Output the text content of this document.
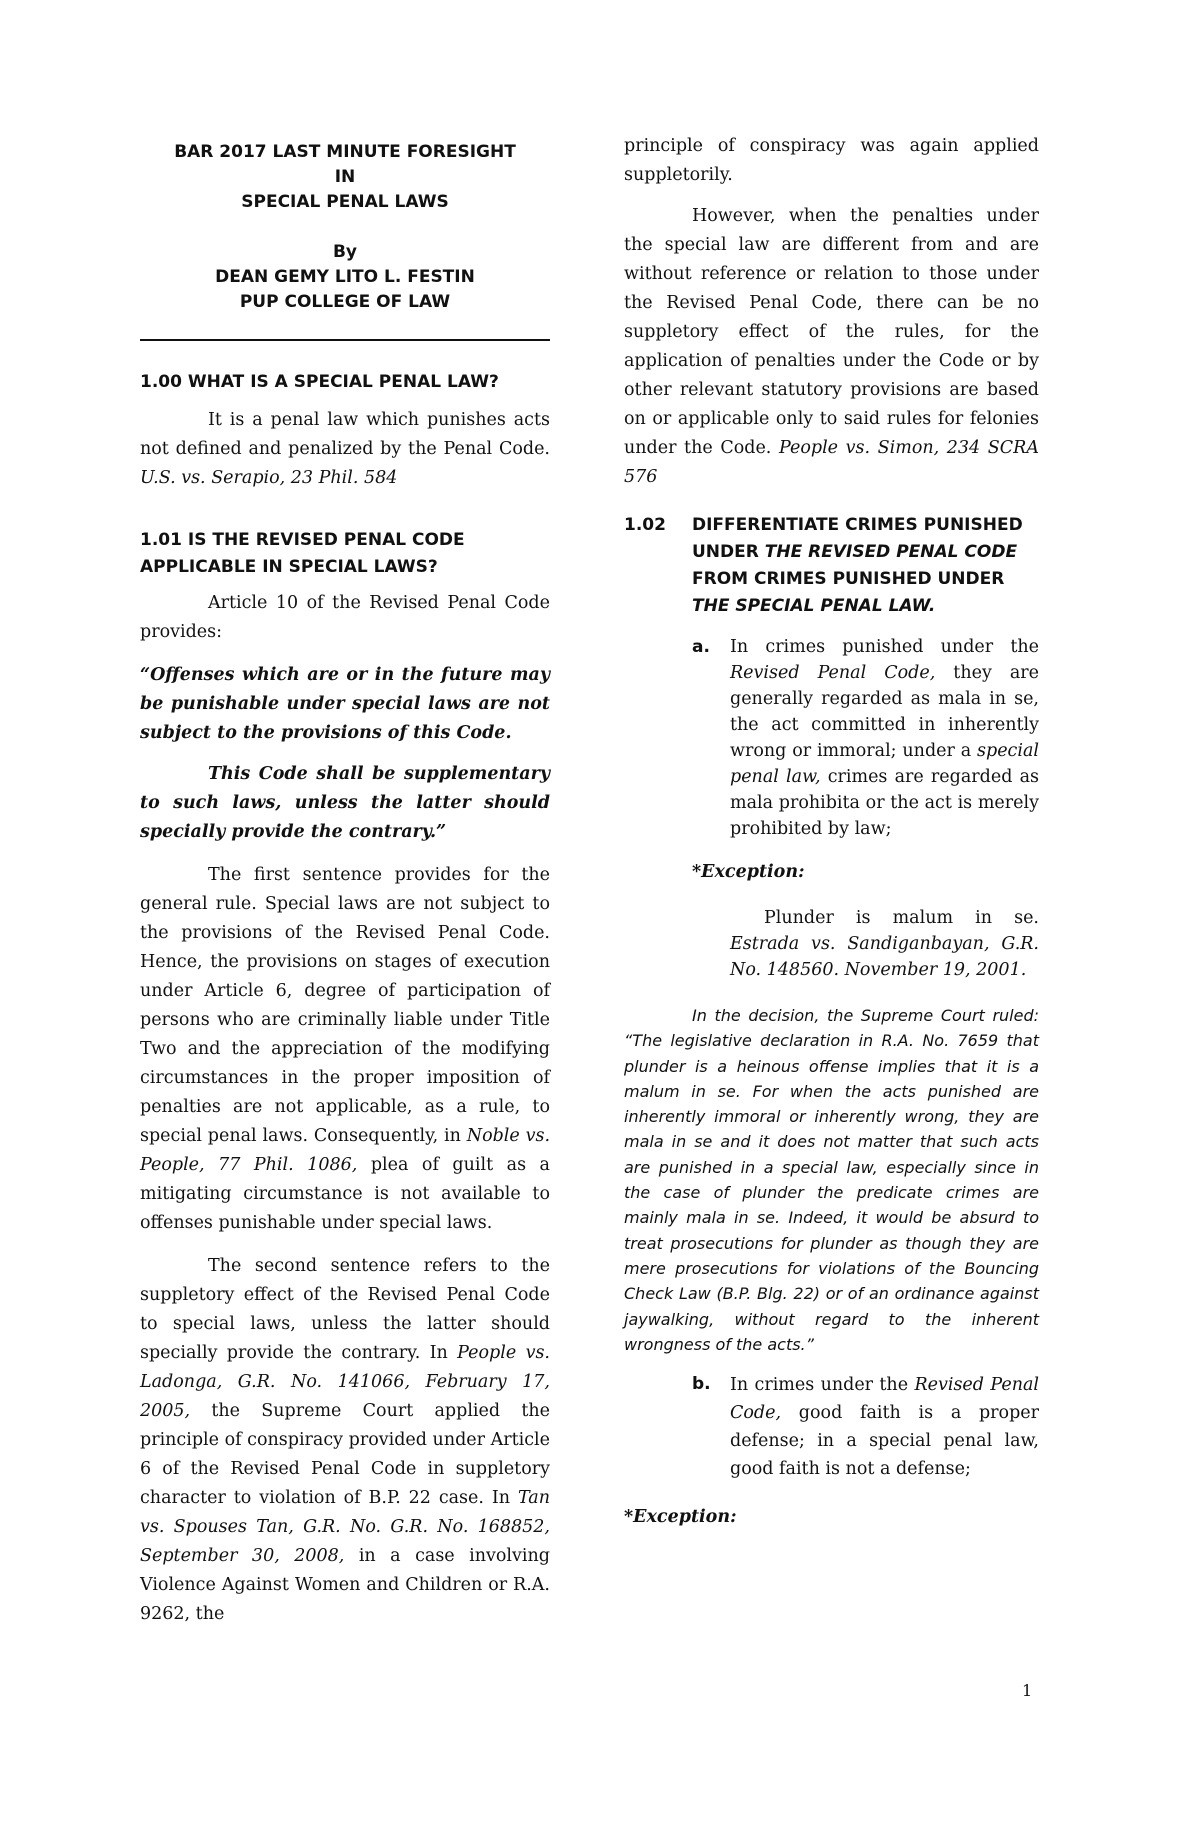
BAR 2017 LAST MINUTE FORESIGHT

IN

SPECIAL PENAL LAWS

By

DEAN GEMY LITO L. FESTIN

PUP COLLEGE OF LAW

1.00 WHAT IS A SPECIAL PENAL LAW?

It is a penal law which punishes acts not defined and penalized by the Penal Code. U.S. vs. Serapio, 23 Phil. 584

1.01 IS THE REVISED PENAL CODE

APPLICABLE IN SPECIAL LAWS?

Article 10 of the Revised Penal Code provides:

“Offenses which are or in the future may be punishable under special laws are not subject to the provisions of this Code.

This Code shall be supplementary to such laws, unless the latter should specially provide the contrary.”

The first sentence provides for the general rule. Special laws are not subject to the provisions of the Revised Penal Code. Hence, the provisions on stages of execution under Article 6, degree of participation of persons who are criminally liable under Title Two and the appreciation of the modifying circumstances in the proper imposition of penalties are not applicable, as a rule, to special penal laws. Consequently, in Noble vs. People, 77 Phil. 1086, plea of guilt as a mitigating circumstance is not available to offenses punishable under special laws.

The second sentence refers to the suppletory effect of the Revised Penal Code to special laws, unless the latter should specially provide the contrary. In People vs. Ladonga, G.R. No. 141066, February 17, 2005, the Supreme Court applied the principle of conspiracy provided under Article 6 of the Revised Penal Code in suppletory character to violation of B.P. 22 case. In Tan vs. Spouses Tan, G.R. No. G.R. No. 168852, September 30, 2008, in a case involving Violence Against Women and Children or R.A. 9262, the

principle of conspiracy was again applied suppletorily.

However, when the penalties under the special law are different from and are without reference or relation to those under the Revised Penal Code, there can be no suppletory effect of the rules, for the application of penalties under the Code or by other relevant statutory provisions are based on or applicable only to said rules for felonies under the Code. People vs. Simon, 234 SCRA 576

1.02 DIFFERENTIATE CRIMES PUNISHED

UNDER THE REVISED PENAL CODE

FROM CRIMES PUNISHED UNDER

THE SPECIAL PENAL LAW.

a. In crimes punished under the Revised Penal Code, they are generally regarded as mala in se, the act committed in inherently wrong or immoral; under a special penal law, crimes are regarded as mala prohibita or the act is merely prohibited by law;

*Exception:

Plunder is malum in se. Estrada vs. Sandiganbayan, G.R. No. 148560. November 19, 2001.

In the decision, the Supreme Court ruled: “The legislative declaration in R.A. No. 7659 that plunder is a heinous offense implies that it is a malum in se. For when the acts punished are inherently immoral or inherently wrong, they are mala in se and it does not matter that such acts are punished in a special law, especially since in the case of plunder the predicate crimes are mainly mala in se. Indeed, it would be absurd to treat prosecutions for plunder as though they are mere prosecutions for violations of the Bouncing Check Law (B.P. Blg. 22) or of an ordinance against jaywalking, without regard to the inherent wrongness of the acts.”

b. In crimes under the Revised Penal Code, good faith is a proper defense; in a special penal law, good faith is not a defense;

*Exception:

1
